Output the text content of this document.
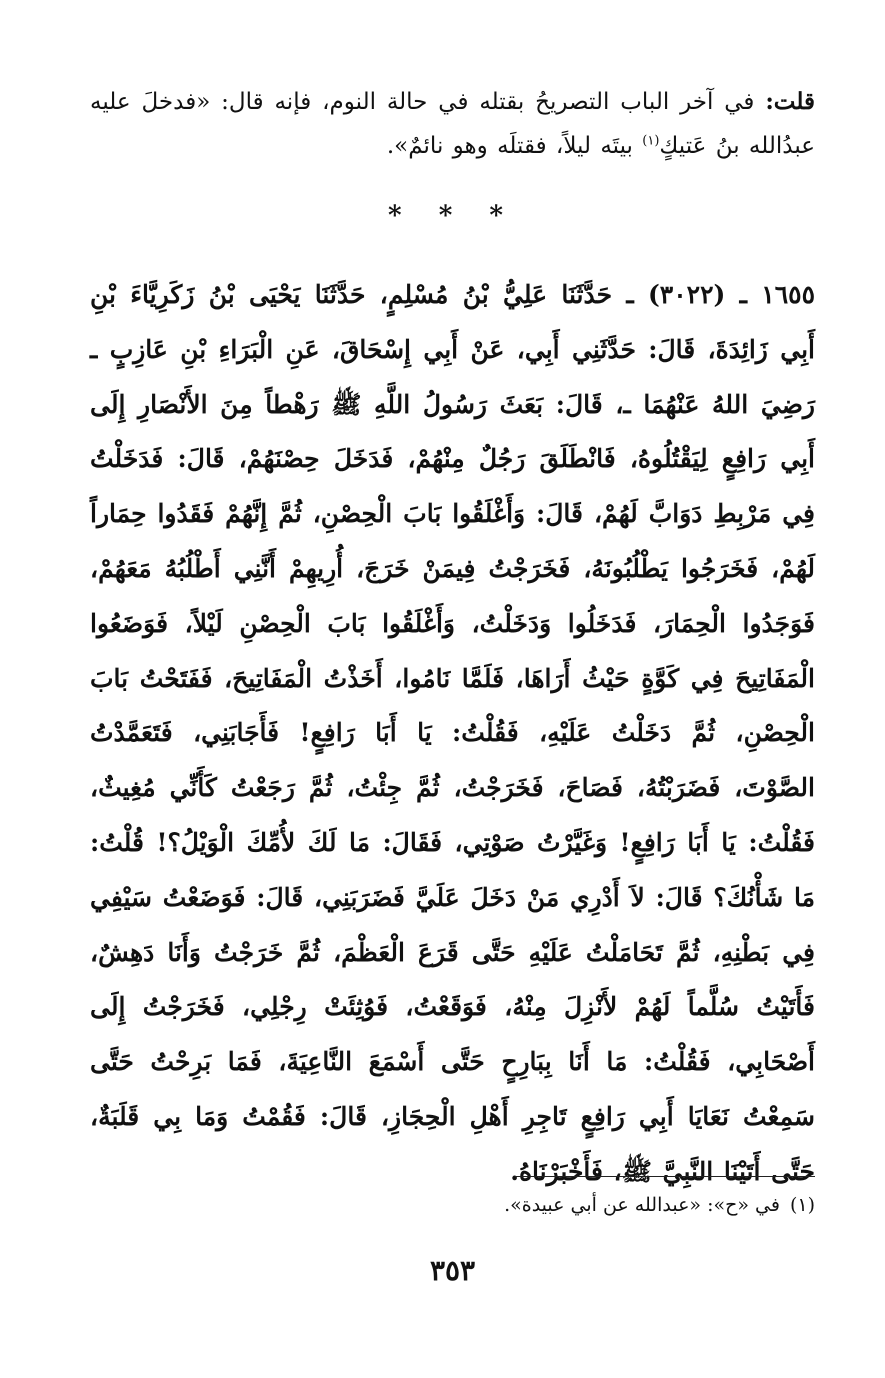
قلت: في آخر الباب التصريحُ بقتله في حالة النوم، فإنه قال: «فدخلَ عليه عبدُالله بنُ عَتيكٍ$^{(١)}$ بيتَه ليلاً، فقتلَه وهو نائمٌ».

* * *

١٦٥٥ ـ (٣٠٢٢) ـ حَدَّثَنَا عَلِيُّ بْنُ مُسْلِمٍ، حَدَّثَنَا يَحْيَى بْنُ زَكَرِيَّاءَ بْنِ أَبِي زَائِدَةَ، قَالَ: حَدَّثَنِي أَبِي، عَنْ أَبِي إِسْحَاقَ، عَنِ الْبَرَاءِ بْنِ عَازِبٍ ـ رَضِيَ اللهُ عَنْهُمَا ـ، قَالَ: بَعَثَ رَسُولُ اللَّهِ ﷺ رَهْطاً مِنَ الأَنْصَارِ إِلَى أَبِي رَافِعٍ لِيَقْتُلُوهُ، فَانْطَلَقَ رَجُلٌ مِنْهُمْ، فَدَخَلَ حِصْنَهُمْ، قَالَ: فَدَخَلْتُ فِي مَرْبِطِ دَوَابَّ لَهُمْ، قَالَ: وَأَغْلَقُوا بَابَ الْحِصْنِ، ثُمَّ إِنَّهُمْ فَقَدُوا حِمَاراً لَهُمْ، فَخَرَجُوا يَطْلُبُونَهُ، فَخَرَجْتُ فِيمَنْ خَرَجَ، أُرِيهِمْ أَنَّنِي أَطْلُبُهُ مَعَهُمْ، فَوَجَدُوا الْحِمَارَ، فَدَخَلُوا وَدَخَلْتُ، وَأَغْلَقُوا بَابَ الْحِصْنِ لَيْلاً، فَوَضَعُوا الْمَفَاتِيحَ فِي كَوَّةٍ حَيْثُ أَرَاهَا، فَلَمَّا نَامُوا، أَخَذْتُ الْمَفَاتِيحَ، فَفَتَحْتُ بَابَ الْحِصْنِ، ثُمَّ دَخَلْتُ عَلَيْهِ، فَقُلْتُ: يَا أَبَا رَافِعٍ! فَأَجَابَنِي، فَتَعَمَّدْتُ الصَّوْتَ، فَضَرَبْتُهُ، فَصَاحَ، فَخَرَجْتُ، ثُمَّ جِئْتُ، ثُمَّ رَجَعْتُ كَأَنِّي مُغِيثٌ، فَقُلْتُ: يَا أَبَا رَافِعٍ! وَغَيَّرْتُ صَوْتِي، فَقَالَ: مَا لَكَ لأُمِّكَ الْوَيْلُ؟! قُلْتُ: مَا شَأْنُكَ؟ قَالَ: لاَ أَدْرِي مَنْ دَخَلَ عَلَيَّ فَضَرَبَنِي، قَالَ: فَوَضَعْتُ سَيْفِي فِي بَطْنِهِ، ثُمَّ تَحَامَلْتُ عَلَيْهِ حَتَّى قَرَعَ الْعَظْمَ، ثُمَّ خَرَجْتُ وَأَنَا دَهِشٌ، فَأَتَيْتُ سُلَّماً لَهُمْ لأَنْزِلَ مِنْهُ، فَوَقَعْتُ، فَوُثِئَتْ رِجْلِي، فَخَرَجْتُ إِلَى أَصْحَابِي، فَقُلْتُ: مَا أَنَا بِبَارِحٍ حَتَّى أَسْمَعَ النَّاعِيَةَ، فَمَا بَرِحْتُ حَتَّى سَمِعْتُ نَعَايَا أَبِي رَافِعٍ تَاجِرِ أَهْلِ الْحِجَازِ، قَالَ: فَقُمْتُ وَمَا بِي قَلَبَةٌ، حَتَّى أَتَيْنَا النَّبِيَّ ﷺ، فَأَخْبَرْنَاهُ.

(١)في «ح»: «عبدالله عن أبي عبيدة».

٣٥٣
